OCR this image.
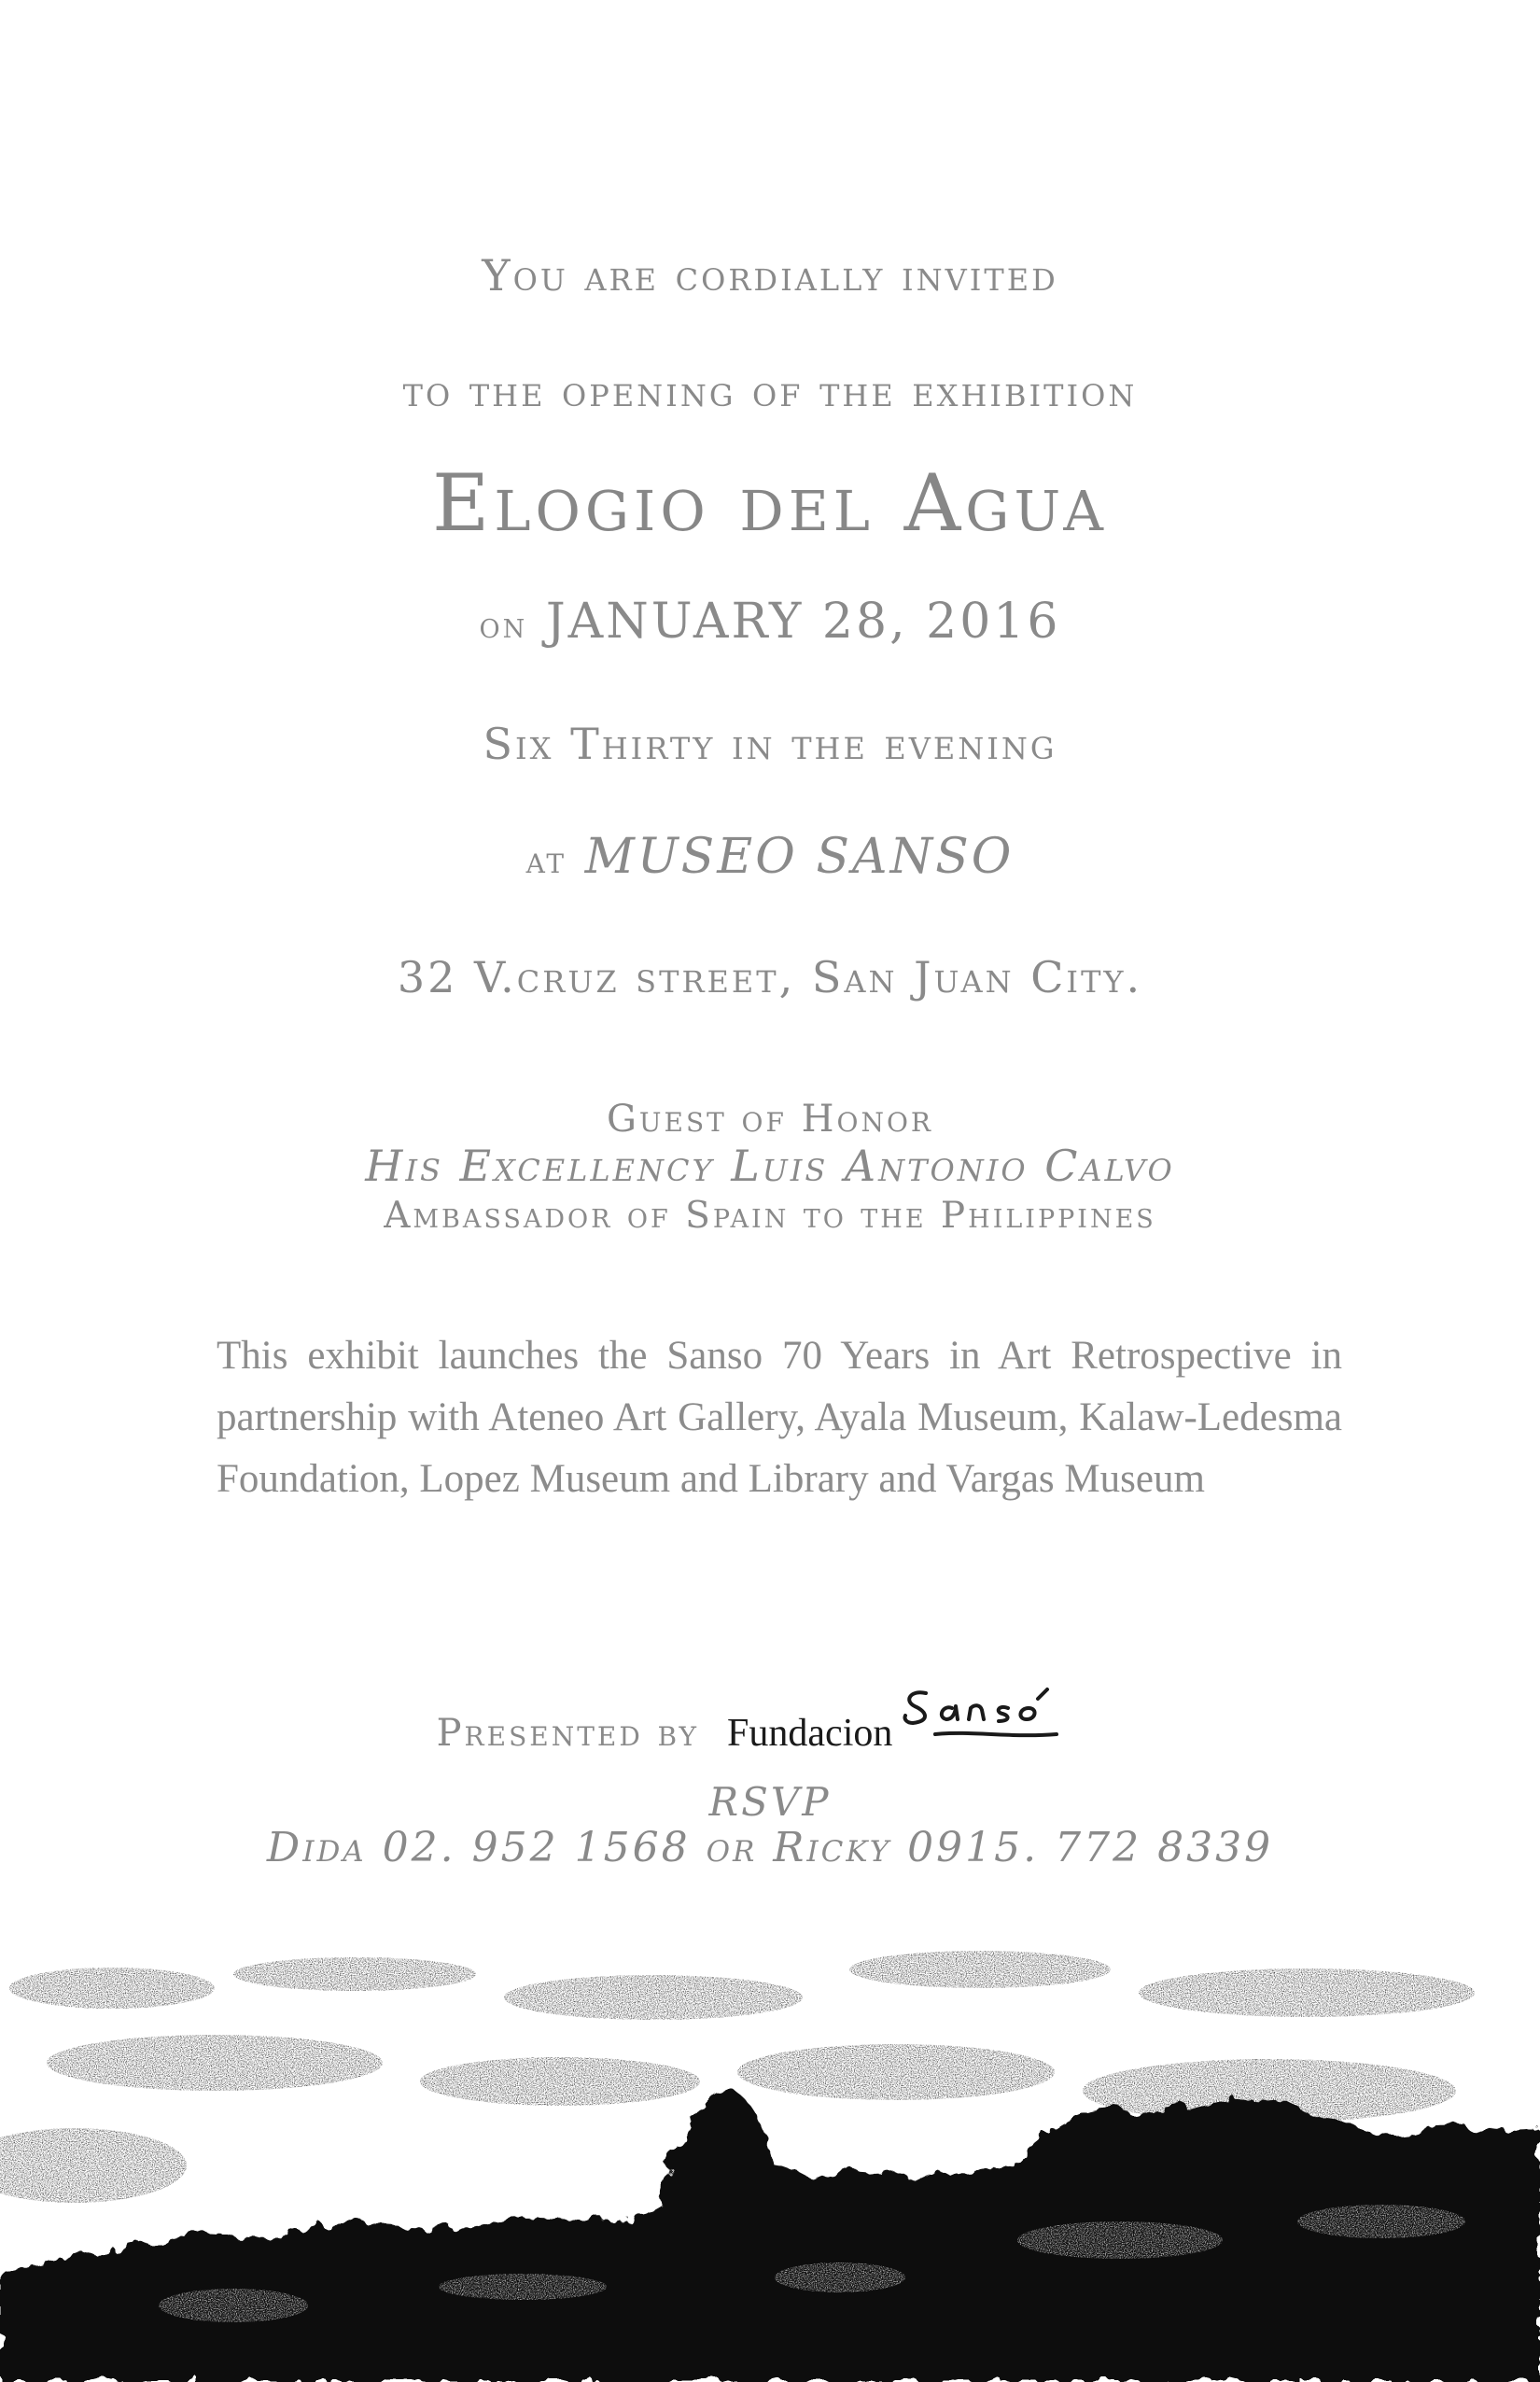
You are cordially invited
to the opening of the exhibition
Elogio del Agua
on JANUARY 28, 2016
Six Thirty in the evening
at MUSEO SANSO
32 V.cruz street, San Juan City.
Guest of Honor
His Excellency Luis Antonio Calvo
Ambassador of Spain to the Philippines
This exhibit launches the Sanso 70 Years in Art Retrospective in partnership with Ateneo Art Gallery, Ayala Museum, Kalaw-Ledesma Foundation, Lopez Museum and Library and Vargas Museum
Presented by Fundacion
RSVP
Dida 02. 952 1568 or Ricky 0915. 772 8339
